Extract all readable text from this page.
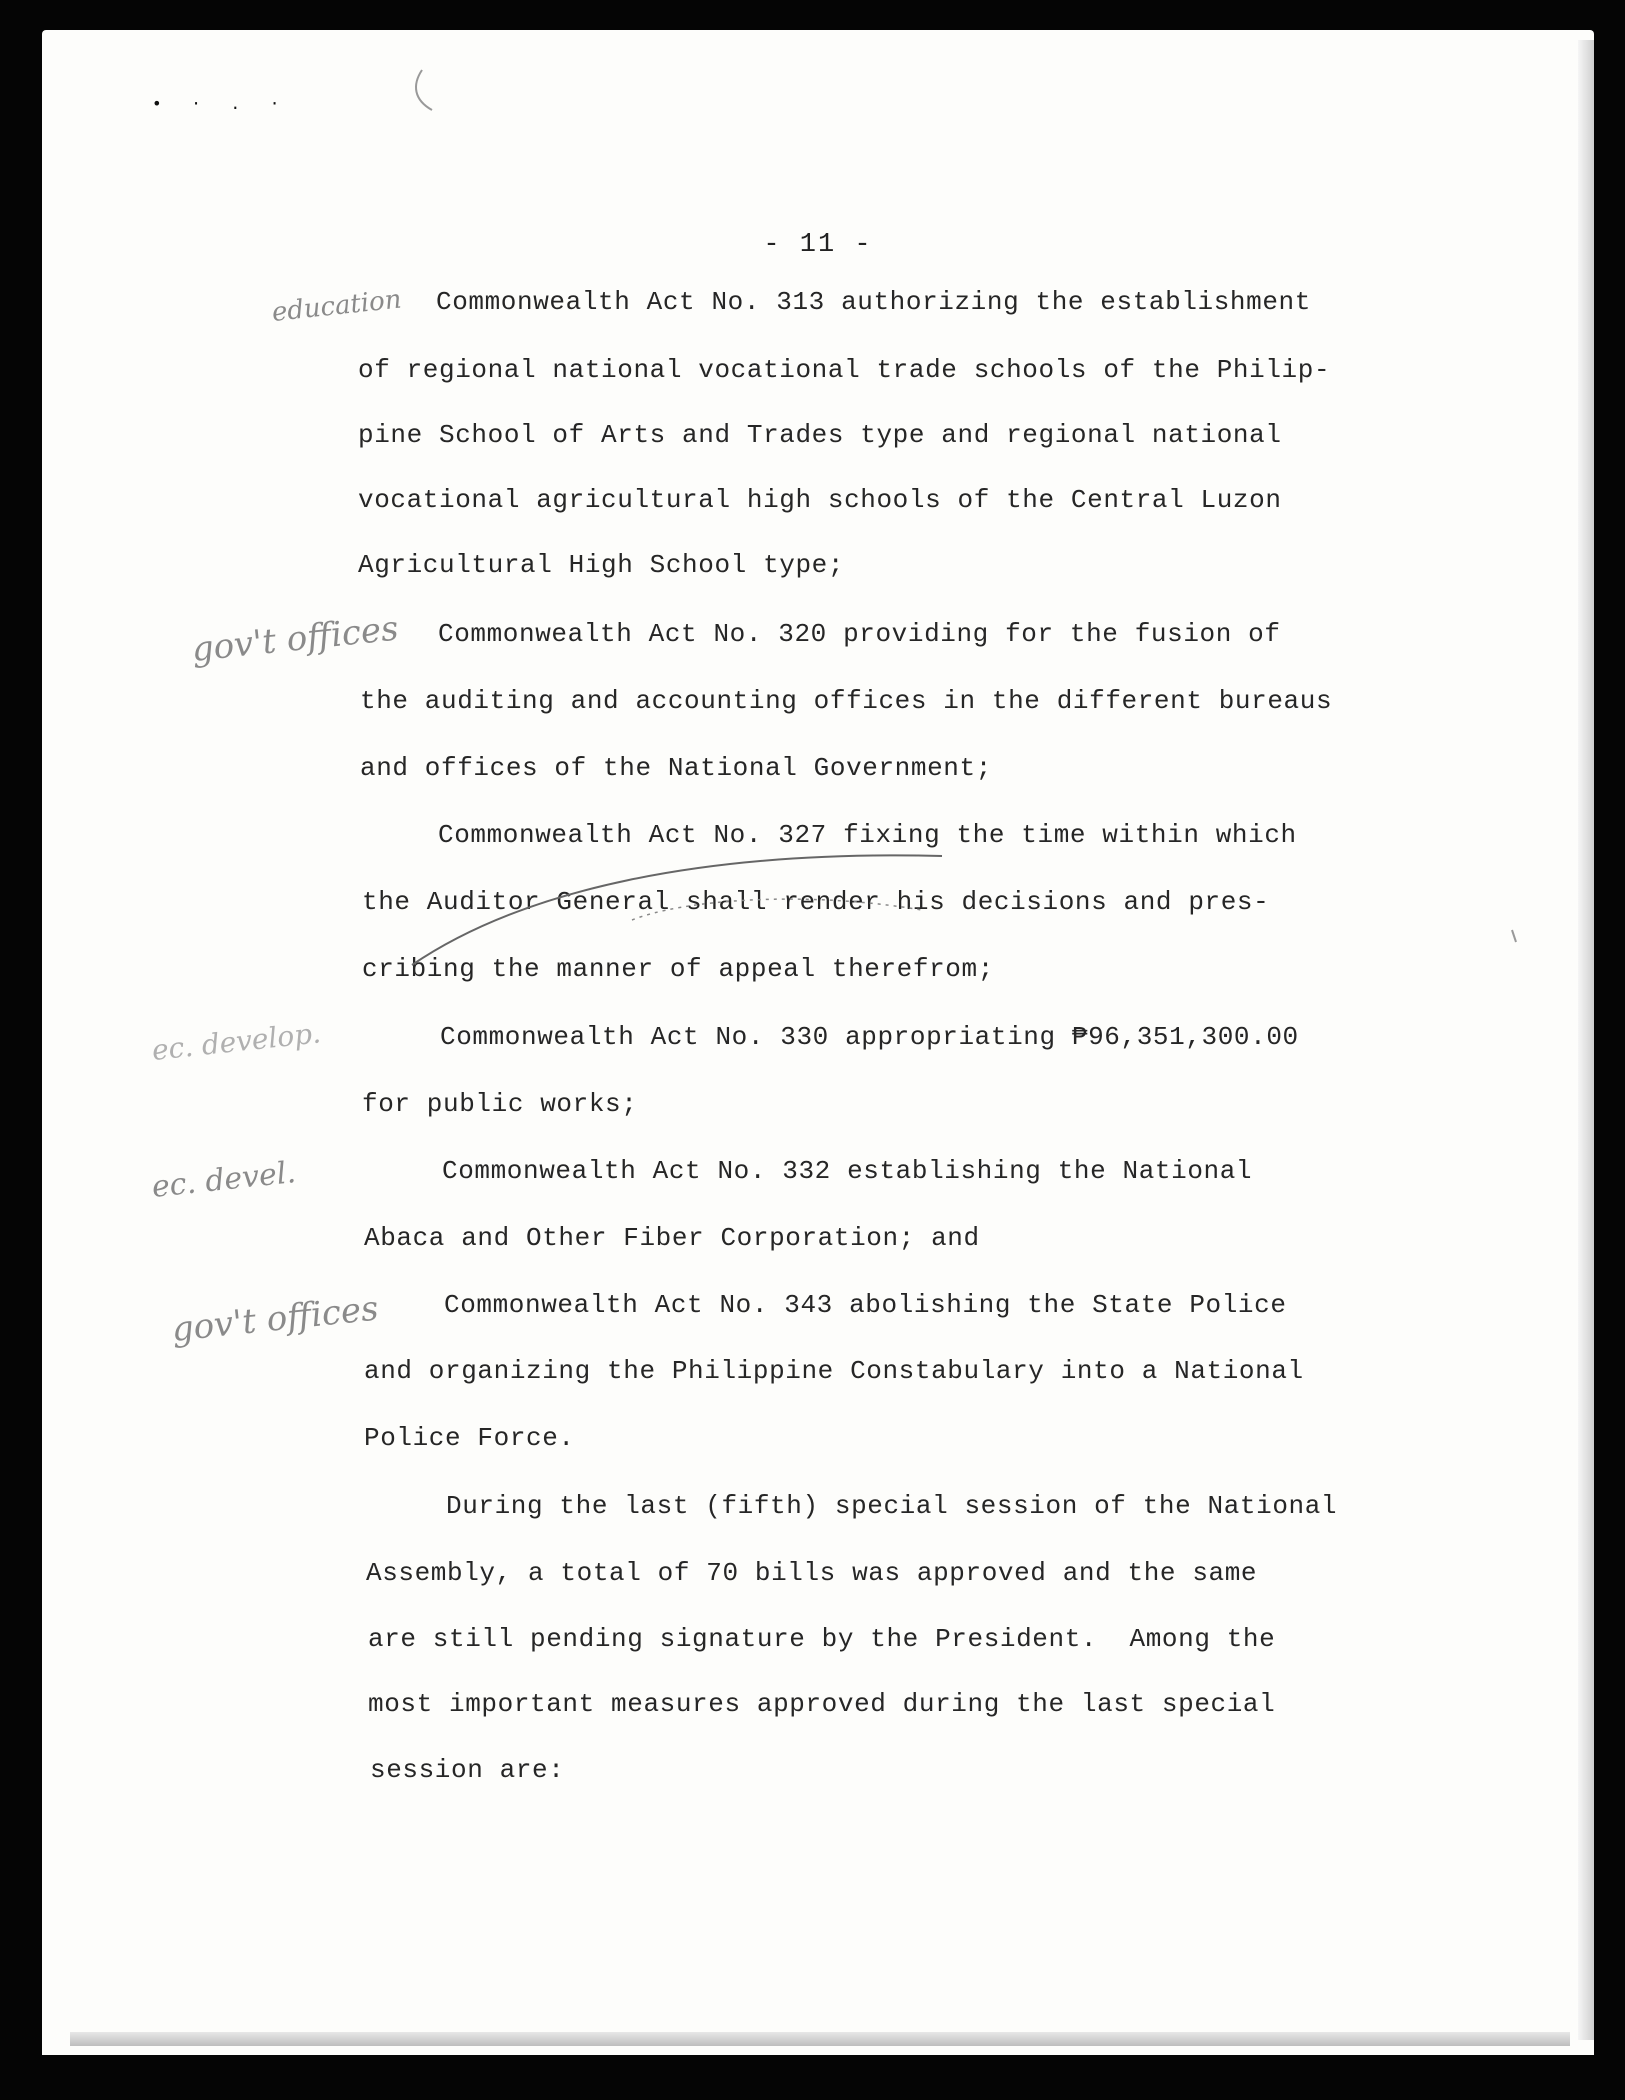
• · . ·
- 11 -
Commonwealth Act No. 313 authorizing the establishment
of regional national vocational trade schools of the Philip-
pine School of Arts and Trades type and regional national
vocational agricultural high schools of the Central Luzon
Agricultural High School type;
Commonwealth Act No. 320 providing for the fusion of
the auditing and accounting offices in the different bureaus
and offices of the National Government;
Commonwealth Act No. 327 fixing the time within which
the Auditor General shall render his decisions and pres-
cribing the manner of appeal therefrom;
Commonwealth Act No. 330 appropriating ₱96,351,300.00
for public works;
Commonwealth Act No. 332 establishing the National
Abaca and Other Fiber Corporation; and
Commonwealth Act No. 343 abolishing the State Police
and organizing the Philippine Constabulary into a National
Police Force.
During the last (fifth) special session of the National
Assembly, a total of 70 bills was approved and the same
are still pending signature by the President.  Among the
most important measures approved during the last special
session are:
education
gov't offices
ec. develop.
ec. devel.
gov't offices
